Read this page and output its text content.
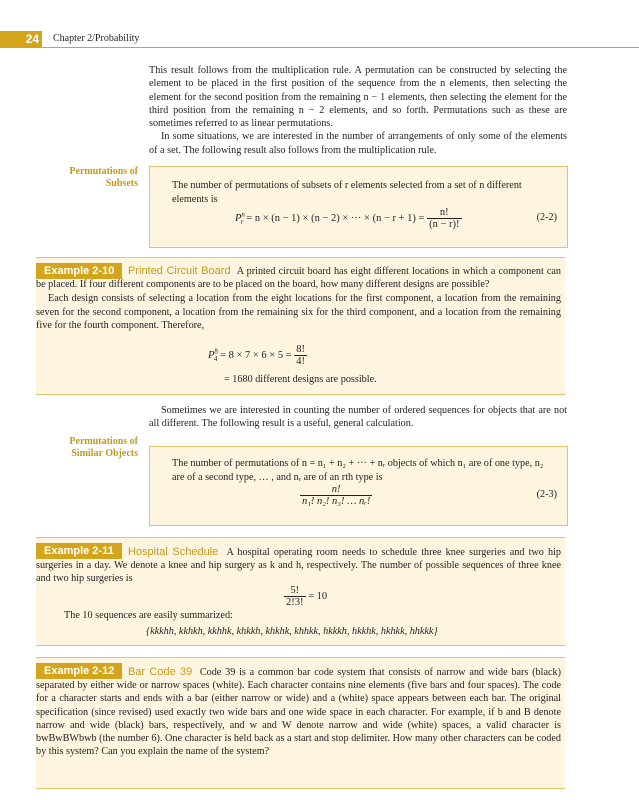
24	Chapter 2/Probability

This result follows from the multiplication rule. A permutation can be constructed by selecting the element to be placed in the first position of the sequence from the n elements, then selecting the element for the second position from the remaining n − 1 elements, then selecting the element for the third position from the remaining n − 2 elements, and so forth. Permutations such as these are sometimes referred to as linear permutations.

In some situations, we are interested in the number of arrangements of only some of the elements of a set. The following result also follows from the multiplication rule.

Permutations of Subsets	The number of permutations of subsets of r elements selected from a set of n different elements is
$P^n_r = n \times (n - 1) \times (n - 2)$ × ··· × $(n - r + 1) = \frac{n!}{(n - r)!}$	(2-2)
Example 2-10	Printed Circuit Board A printed circuit board has eight different locations in which a component can be placed. If four different components are to be placed on the board, how many different designs are possible?
Each design consists of selecting a location from the eight locations for the first component, a location from the remaining seven for the second component, a location from the remaining six for the third component, and a location from the remaining five for the fourth component. Therefore,
$P^8_4 = 8 \times 7 \times 6 \times 5 = \frac{8!}{4!}$
= 1680 different designs are possible.

Sometimes we are interested in counting the number of ordered sequences for objects that are not all different. The following result is a useful, general calculation.

Permutations of Similar Objects
The number of permutations of n = n₁ + n₂ + ··· + nᵣ objects of which n₁ are of one type, n₂ are of a second type, … , and nᵣ are of an rth type is
$\frac{n!}{\text{n₁! n₂! n₃! … nᵣ!}}$	(2-3)
Example 2-11	Hospital Schedule A hospital operating room needs to schedule three knee surgeries and two hip surgeries in a day. We denote a knee and hip surgery as k and h, respectively. The number of possible sequences of three knee and two hip surgeries is
$\frac{5!}{2!3!} = 10$
The 10 sequences are easily summarized:
{kkkhh, kkhkh, kkhhk, khkkh, khkhk, khhkk, hkkkh, hkkhk, hkhkk, hhkkk}
Example 2-12	Bar Code 39 Code 39 is a common bar code system that consists of narrow and wide bars (black) separated by either wide or narrow spaces (white). Each character contains nine elements (five bars and four spaces). The code for a character starts and ends with a bar (either narrow or wide) and a (white) space appears between each bar. The original specification (since revised) used exactly two wide bars and one wide space in each character. For example, if b and B denote narrow and wide (black) bars, respectively, and w and W denote narrow and wide (white) spaces, a valid character is bwBwBWbwb (the number 6). One character is held back as a start and stop delimiter. How many other characters can be coded by this system? Can you explain the name of the system?
